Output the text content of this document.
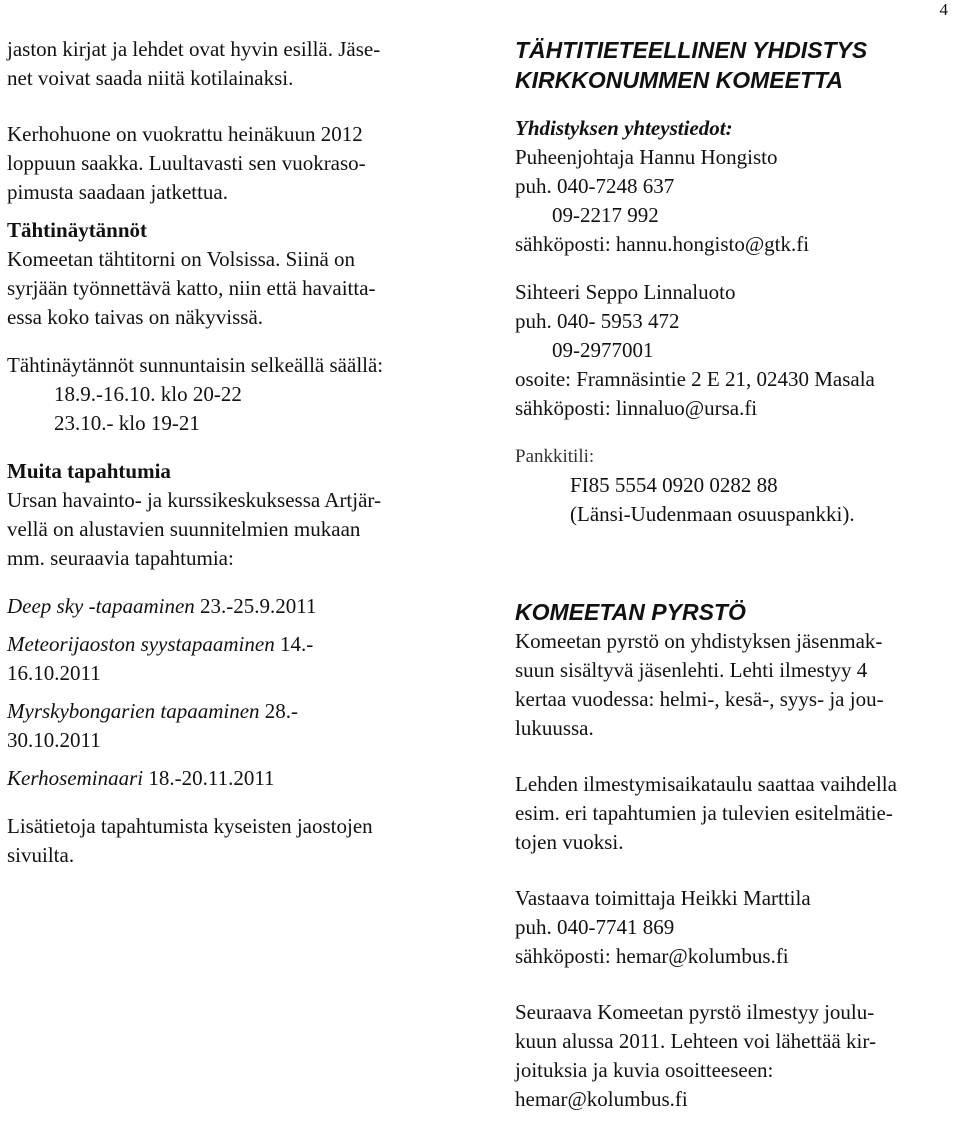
4

jaston kirjat ja lehdet ovat hyvin esillä. Jäse-

net voivat saada niitä kotilainaksi.

Kerhohuone on vuokrattu heinäkuun 2012

loppuun saakka. Luultavasti sen vuokraso-

pimusta saadaan jatkettua.

Tähtinäytännöt

Komeetan tähtitorni on Volsissa. Siinä on

syrjään työnnettävä katto, niin että havaitta-

essa koko taivas on näkyvissä.

Tähtinäytännöt sunnuntaisin selkeällä säällä:

18.9.-16.10. klo 20-22

23.10.- klo 19-21

Muita tapahtumia

Ursan havainto- ja kurssikeskuksessa Artjär-

vellä on alustavien suunnitelmien mukaan

mm. seuraavia tapahtumia:

Deep sky -tapaaminen 23.-25.9.2011

Meteorijaoston syystapaaminen 14.-

16.10.2011

Myrskybongarien tapaaminen 28.-

30.10.2011

Kerhoseminaari 18.-20.11.2011

Lisätietoja tapahtumista kyseisten jaostojen

sivuilta.

TÄHTITIETEELLINEN YHDISTYS

KIRKKONUMMEN KOMEETTA

Yhdistyksen yhteystiedot:

Puheenjohtaja Hannu Hongisto

puh. 040-7248 637

09-2217 992

sähköposti: hannu.hongisto@gtk.fi

Sihteeri Seppo Linnaluoto

puh. 040- 5953 472

09-2977001

osoite: Framnäsintie 2 E 21, 02430 Masala

sähköposti: linnaluo@ursa.fi

Pankkitili:

FI85 5554 0920 0282 88

(Länsi-Uudenmaan osuuspankki).

KOMEETAN PYRSTÖ

Komeetan pyrstö on yhdistyksen jäsenmak-

suun sisältyvä jäsenlehti. Lehti ilmestyy 4

kertaa vuodessa: helmi-, kesä-, syys- ja jou-

lukuussa.

Lehden ilmestymisaikataulu saattaa vaihdella

esim. eri tapahtumien ja tulevien esitelmätie-

tojen vuoksi.

Vastaava toimittaja Heikki Marttila

puh. 040-7741 869

sähköposti: hemar@kolumbus.fi

Seuraava Komeetan pyrstö ilmestyy joulu-

kuun alussa 2011. Lehteen voi lähettää kir-

joituksia ja kuvia osoitteeseen:

hemar@kolumbus.fi
